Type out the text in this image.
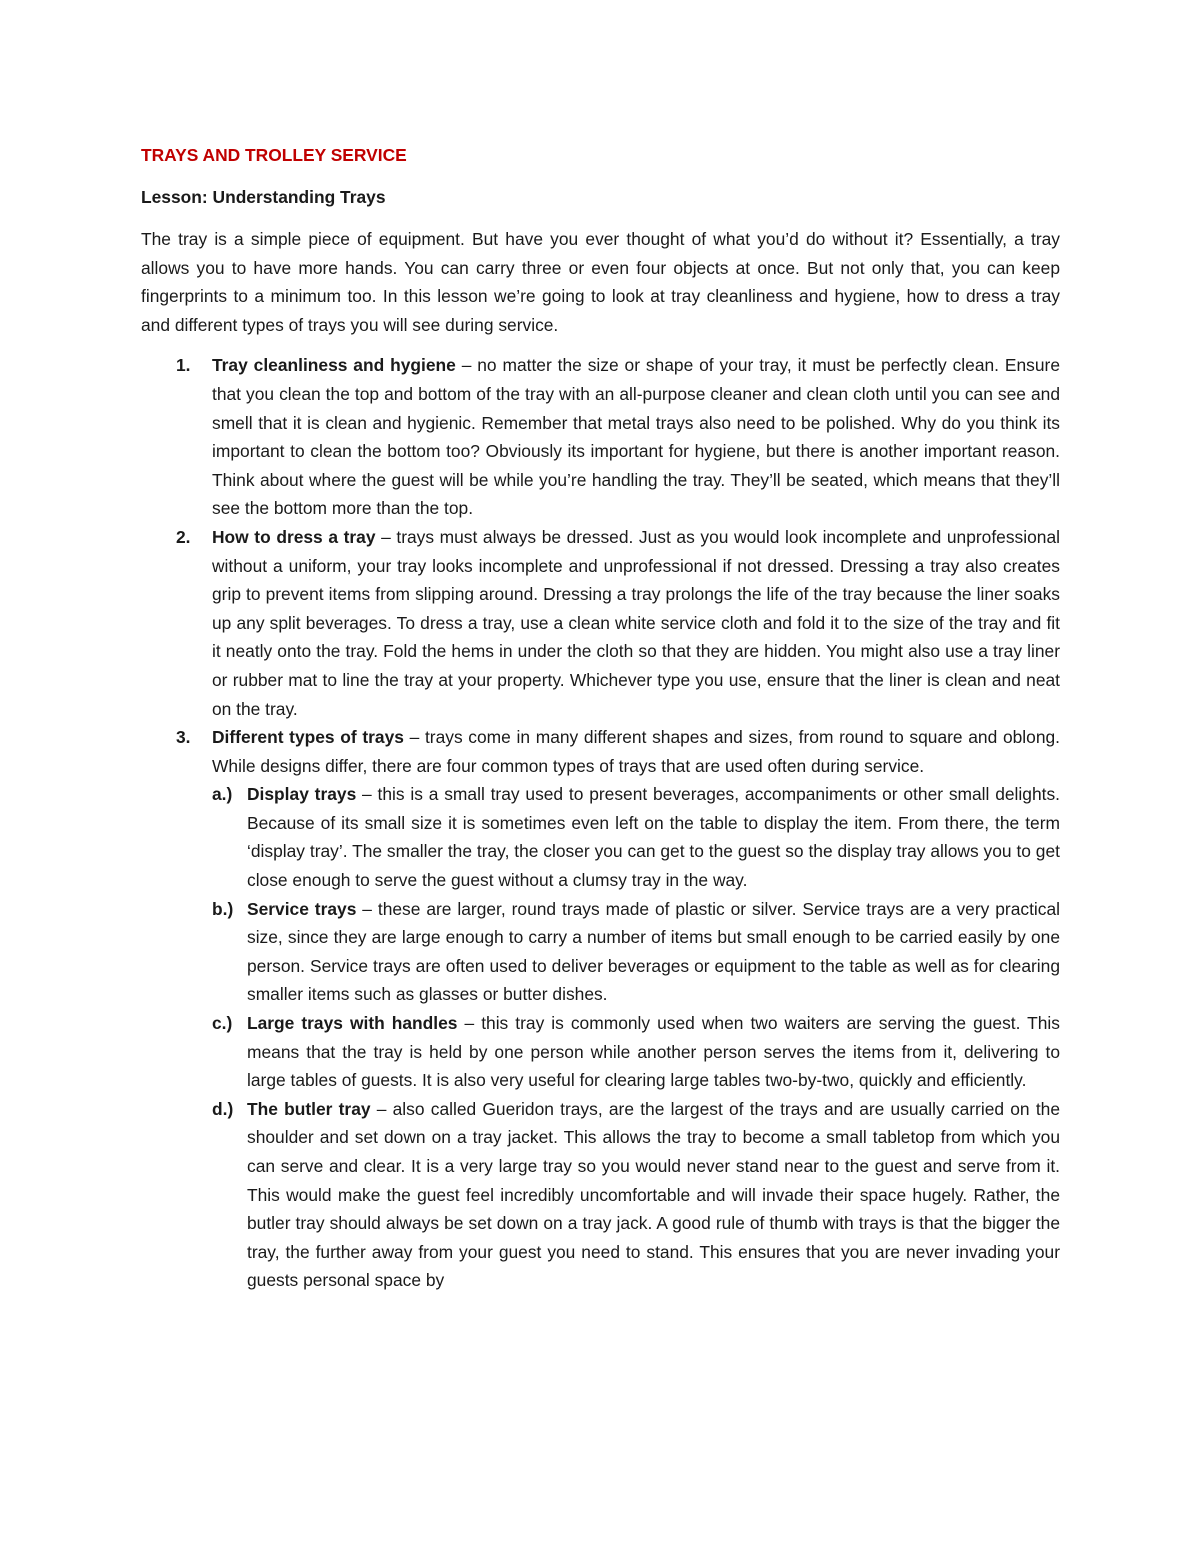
TRAYS AND TROLLEY SERVICE
Lesson: Understanding Trays

The tray is a simple piece of equipment. But have you ever thought of what you’d do without it? Essentially, a tray allows you to have more hands. You can carry three or even four objects at once. But not only that, you can keep fingerprints to a minimum too. In this lesson we’re going to look at tray cleanliness and hygiene, how to dress a tray and different types of trays you will see during service.

1. Tray cleanliness and hygiene – no matter the size or shape of your tray, it must be perfectly clean. Ensure that you clean the top and bottom of the tray with an all-purpose cleaner and clean cloth until you can see and smell that it is clean and hygienic. Remember that metal trays also need to be polished. Why do you think its important to clean the bottom too? Obviously its important for hygiene, but there is another important reason. Think about where the guest will be while you’re handling the tray. They’ll be seated, which means that they’ll see the bottom more than the top.
2. How to dress a tray – trays must always be dressed. Just as you would look incomplete and unprofessional without a uniform, your tray looks incomplete and unprofessional if not dressed. Dressing a tray also creates grip to prevent items from slipping around. Dressing a tray prolongs the life of the tray because the liner soaks up any split beverages. To dress a tray, use a clean white service cloth and fold it to the size of the tray and fit it neatly onto the tray. Fold the hems in under the cloth so that they are hidden. You might also use a tray liner or rubber mat to line the tray at your property. Whichever type you use, ensure that the liner is clean and neat on the tray.
3. Different types of trays – trays come in many different shapes and sizes, from round to square and oblong. While designs differ, there are four common types of trays that are used often during service.
a.) Display trays – this is a small tray used to present beverages, accompaniments or other small delights. Because of its small size it is sometimes even left on the table to display the item. From there, the term ‘display tray’. The smaller the tray, the closer you can get to the guest so the display tray allows you to get close enough to serve the guest without a clumsy tray in the way.
b.) Service trays – these are larger, round trays made of plastic or silver. Service trays are a very practical size, since they are large enough to carry a number of items but small enough to be carried easily by one person. Service trays are often used to deliver beverages or equipment to the table as well as for clearing smaller items such as glasses or butter dishes.
c.) Large trays with handles – this tray is commonly used when two waiters are serving the guest. This means that the tray is held by one person while another person serves the items from it, delivering to large tables of guests. It is also very useful for clearing large tables two-by-two, quickly and efficiently.
d.) The butler tray – also called Gueridon trays, are the largest of the trays and are usually carried on the shoulder and set down on a tray jacket. This allows the tray to become a small tabletop from which you can serve and clear. It is a very large tray so you would never stand near to the guest and serve from it. This would make the guest feel incredibly uncomfortable and will invade their space hugely. Rather, the butler tray should always be set down on a tray jack. A good rule of thumb with trays is that the bigger the tray, the further away from your guest you need to stand. This ensures that you are never invading your guests personal space by
